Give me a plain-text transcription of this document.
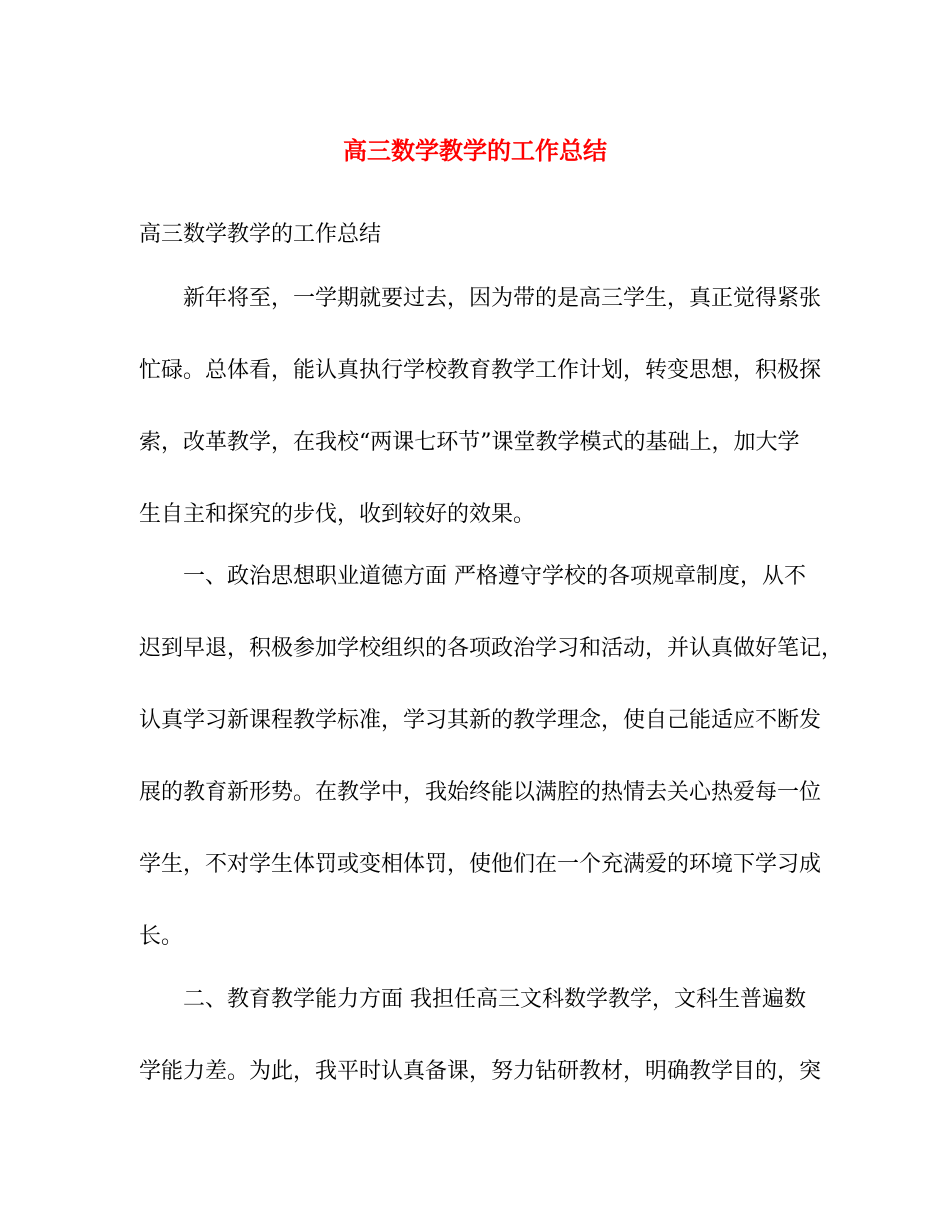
高三数学教学的工作总结
高三数学教学的工作总结
新年将至，一学期就要过去，因为带的是高三学生，真正觉得紧张
忙碌。总体看，能认真执行学校教育教学工作计划，转变思想，积极探
索，改革教学，在我校“两课七环节”课堂教学模式的基础上，加大学
生自主和探究的步伐，收到较好的效果。
一、政治思想职业道德方面 严格遵守学校的各项规章制度，从不
迟到早退，积极参加学校组织的各项政治学习和活动，并认真做好笔记，
认真学习新课程教学标准，学习其新的教学理念，使自己能适应不断发
展的教育新形势。在教学中，我始终能以满腔的热情去关心热爱每一位
学生，不对学生体罚或变相体罚，使他们在一个充满爱的环境下学习成
长。
二、教育教学能力方面 我担任高三文科数学教学，文科生普遍数
学能力差。为此，我平时认真备课，努力钻研教材，明确教学目的，突
